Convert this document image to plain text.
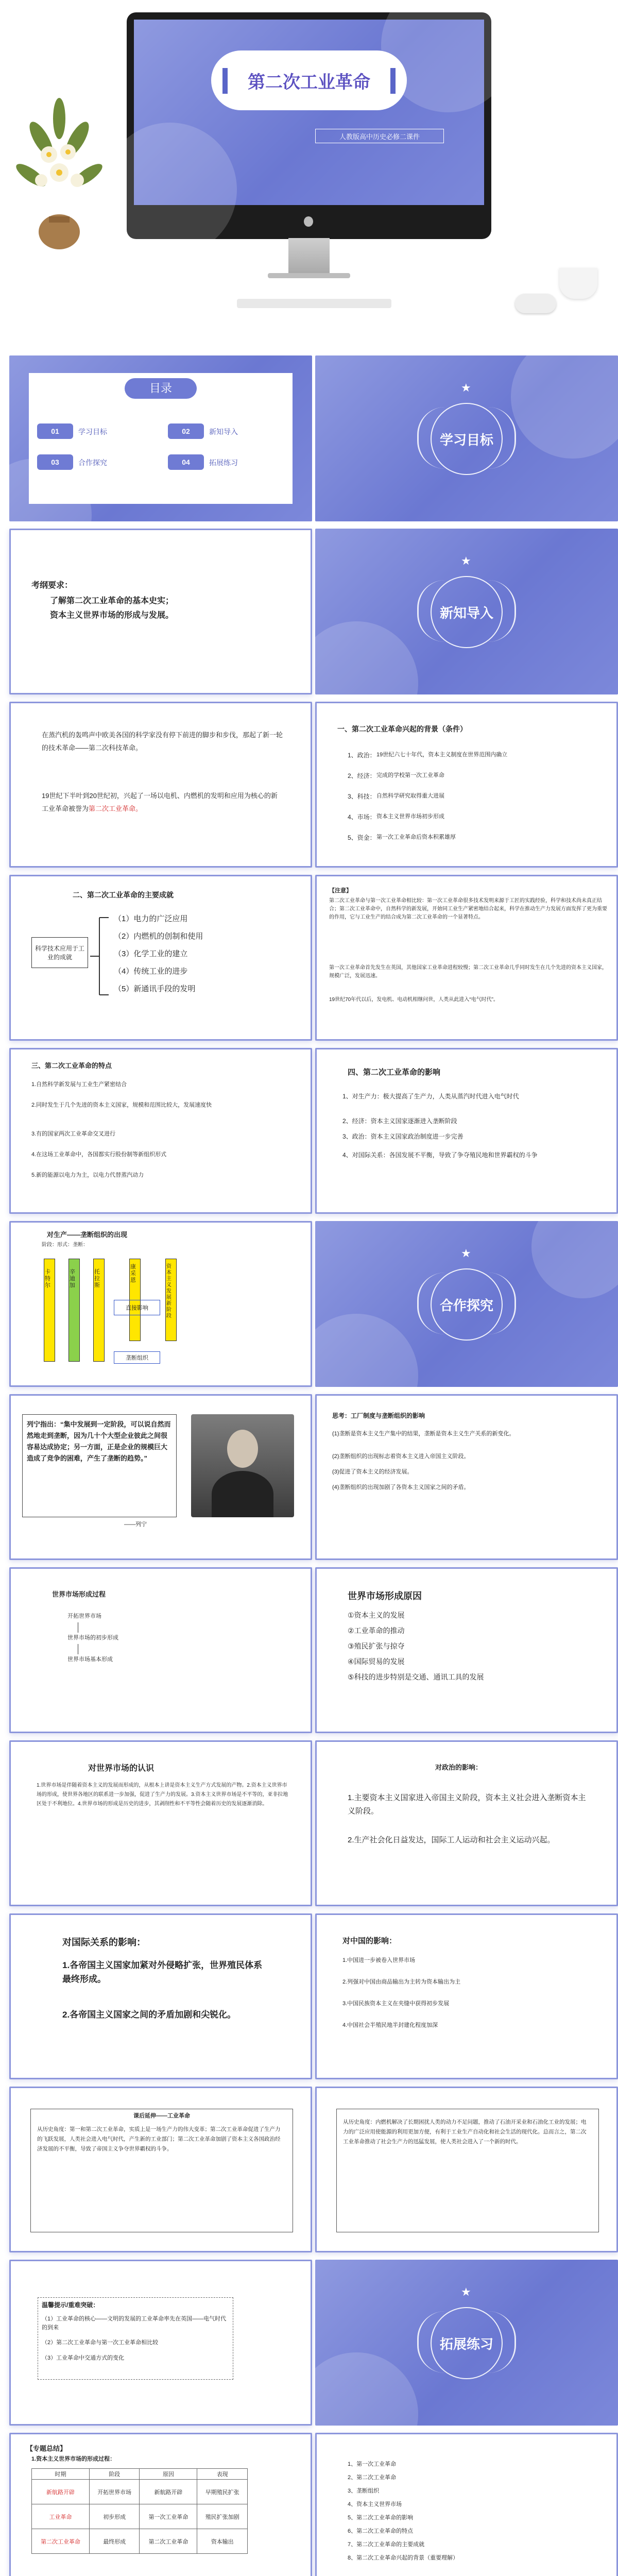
第二次工业革命
人教版高中历史必修二课件
目录
01	学习目标	02	新知导入
03	合作探究	04	拓展练习
★
学习目标
考纲要求：
了解第二次工业革命的基本史实；
资本主义世界市场的形成与发展。
★
新知导入
在蒸汽机的轰鸣声中欧美各国的科学家没有停下前进的脚步和步伐，那起了新一轮的技术革命——第二次科技革命。
19世纪下半叶到20世纪初，兴起了一场以电机、内燃机的发明和应用为核心的新工业革命被誉为第二次工业革命。
一、第二次工业革命兴起的背景（条件）
1、政治： 19世纪六七十年代，资本主义制度在世界范围内确立
2、经济： 完成的学校第一次工业革命
3、科技： 自然科学研究取得重大进展
4、市场： 资本主义世界市场初步形成
5、资金： 第一次工业革命后资本积累雄厚
二、第二次工业革命的主要成就
科学技术应用于工业的成就
（1）电力的广泛应用
（2）内燃机的创制和使用
（3）化学工业的建立
（4）传统工业的进步
（5）新通讯手段的发明
【注意】
第二次工业革命与第一次工业革命相比较：第一次工业革命很多技术发明来源于工匠的实践经验，科学和技术尚未真正结合；第二次工业革命中，自然科学的新发展，开始同工业生产紧密地结合起来，科学在推动生产力发展方面发挥了更为重要的作用，它与工业生产的结合成为第二次工业革命的一个显著特点。
第一次工业革命首先发生在英国，其他国家工业革命进程较慢；第二次工业革命几乎同时发生在几个先进的资本主义国家，规模广泛，发展迅速。
19世纪70年代以后，发电机、电动机相继问世，人类从此进入“电气时代”。
三、第二次工业革命的特点
1.自然科学新发展与工业生产紧密结合
2.同时发生于几个先进的资本主义国家，规模和范围比较大，发展速度快
3.有的国家两次工业革命交叉进行
4.在这场工业革命中，各国都实行股份制等新组织形式
5.新的能源以电力为主，以电力代替蒸汽动力
四、第二次工业革命的影响
1、对生产力：极大提高了生产力，人类从蒸汽时代进入电气时代
2、经济：资本主义国家逐渐进入垄断阶段
3、政治：资本主义国家政治制度进一步完善
4、对国际关系：各国发展不平衡，导致了争夺殖民地和世界霸权的斗争
对生产——垄断组织的出现
阶段：形式：垄断：
卡特尔
辛迪加
托拉斯
康采恩
资本主义发展新阶段
直接影响
垄断组织
★
合作探究
列宁指出：“集中发展到一定阶段，可以说自然而然地走到垄断，因为几十个大型企业彼此之间很容易达成协定；另一方面，正是企业的规模巨大造成了竞争的困难，产生了垄断的趋势。”
——列宁
思考：工厂制度与垄断组织的影响
(1)垄断是资本主义生产集中的结果，垄断是资本主义生产关系的新变化。
(2)垄断组织的出现标志着资本主义进入帝国主义阶段。
(3)促进了资本主义的经济发展。
(4)垄断组织的出现加剧了各资本主义国家之间的矛盾。
世界市场形成过程
开拓世界市场
世界市场的初步形成
世界市场基本形成
世界市场形成原因
①资本主义的发展
②工业革命的推动
③殖民扩张与掠夺
④国际贸易的发展
⑤科技的进步特别是交通、通讯工具的发展
对世界市场的认识
1.世界市场是伴随着资本主义的发展而形成的，从根本上讲是资本主义生产方式发展的产物。2.资本主义世界市场的形成，使世界各地区的联系进一步加强，促进了生产力的发展。3.资本主义世界市场是不平等的，亚非拉地区处于不利地位。4.世界市场的形成是历史的进步，其剥削性和不平等性会随着历史的发展逐渐消除。
对政治的影响：
1.主要资本主义国家进入帝国主义阶段，资本主义社会进入垄断资本主义阶段。
2.生产社会化日益发达，国际工人运动和社会主义运动兴起。
对国际关系的影响：
1.各帝国主义国家加紧对外侵略扩张，世界殖民体系最终形成。
2.各帝国主义国家之间的矛盾加剧和尖锐化。
对中国的影响：
1.中国进一步被卷入世界市场
2.列强对中国由商品输出为主转为资本输出为主
3.中国民族资本主义在夹缝中获得初步发展
4.中国社会半殖民地半封建化程度加深
课后延伸——工业革命
从历史角度：第一和第二次工业革命，实质上是一场生产力的伟大变革；第二次工业革命促进了生产力的飞跃发展，人类社会进入电气时代，产生新的工业部门；第二次工业革命加剧了资本主义各国政治经济发展的不平衡，导致了帝国主义争夺世界霸权的斗争。
从历史角度：内燃机解决了长期困扰人类的动力不足问题，推动了石油开采业和石油化工业的发展；电力的广泛应用使能源的利用更加方便，有利于工业生产自动化和社会生活的现代化。总而言之，第二次工业革命推动了社会生产力的迅猛发展，使人类社会进入了一个新的时代。
温馨提示/重难突破：
（1）工业革命的核心——文明的发展的工业革命率先在英国——电气时代的到来
（2）第二次工业革命与第一次工业革命相比较
（3）工业革命中交通方式的变化
★
拓展练习
【专题总结】
1.资本主义世界市场的形成过程：
时期	阶段	原因	表现
新航路开辟	开拓世界市场	新航路开辟	早期殖民扩张
工业革命	初步形成	第一次工业革命	殖民扩张加剧
第二次工业革命	最终形成	第二次工业革命	资本输出
1、第一次工业革命
2、第二次工业革命
3、垄断组织
4、资本主义世界市场
5、第二次工业革命的影响
6、第二次工业革命的特点
7、第二次工业革命的主要成就
8、第二次工业革命兴起的背景（重要理解）
